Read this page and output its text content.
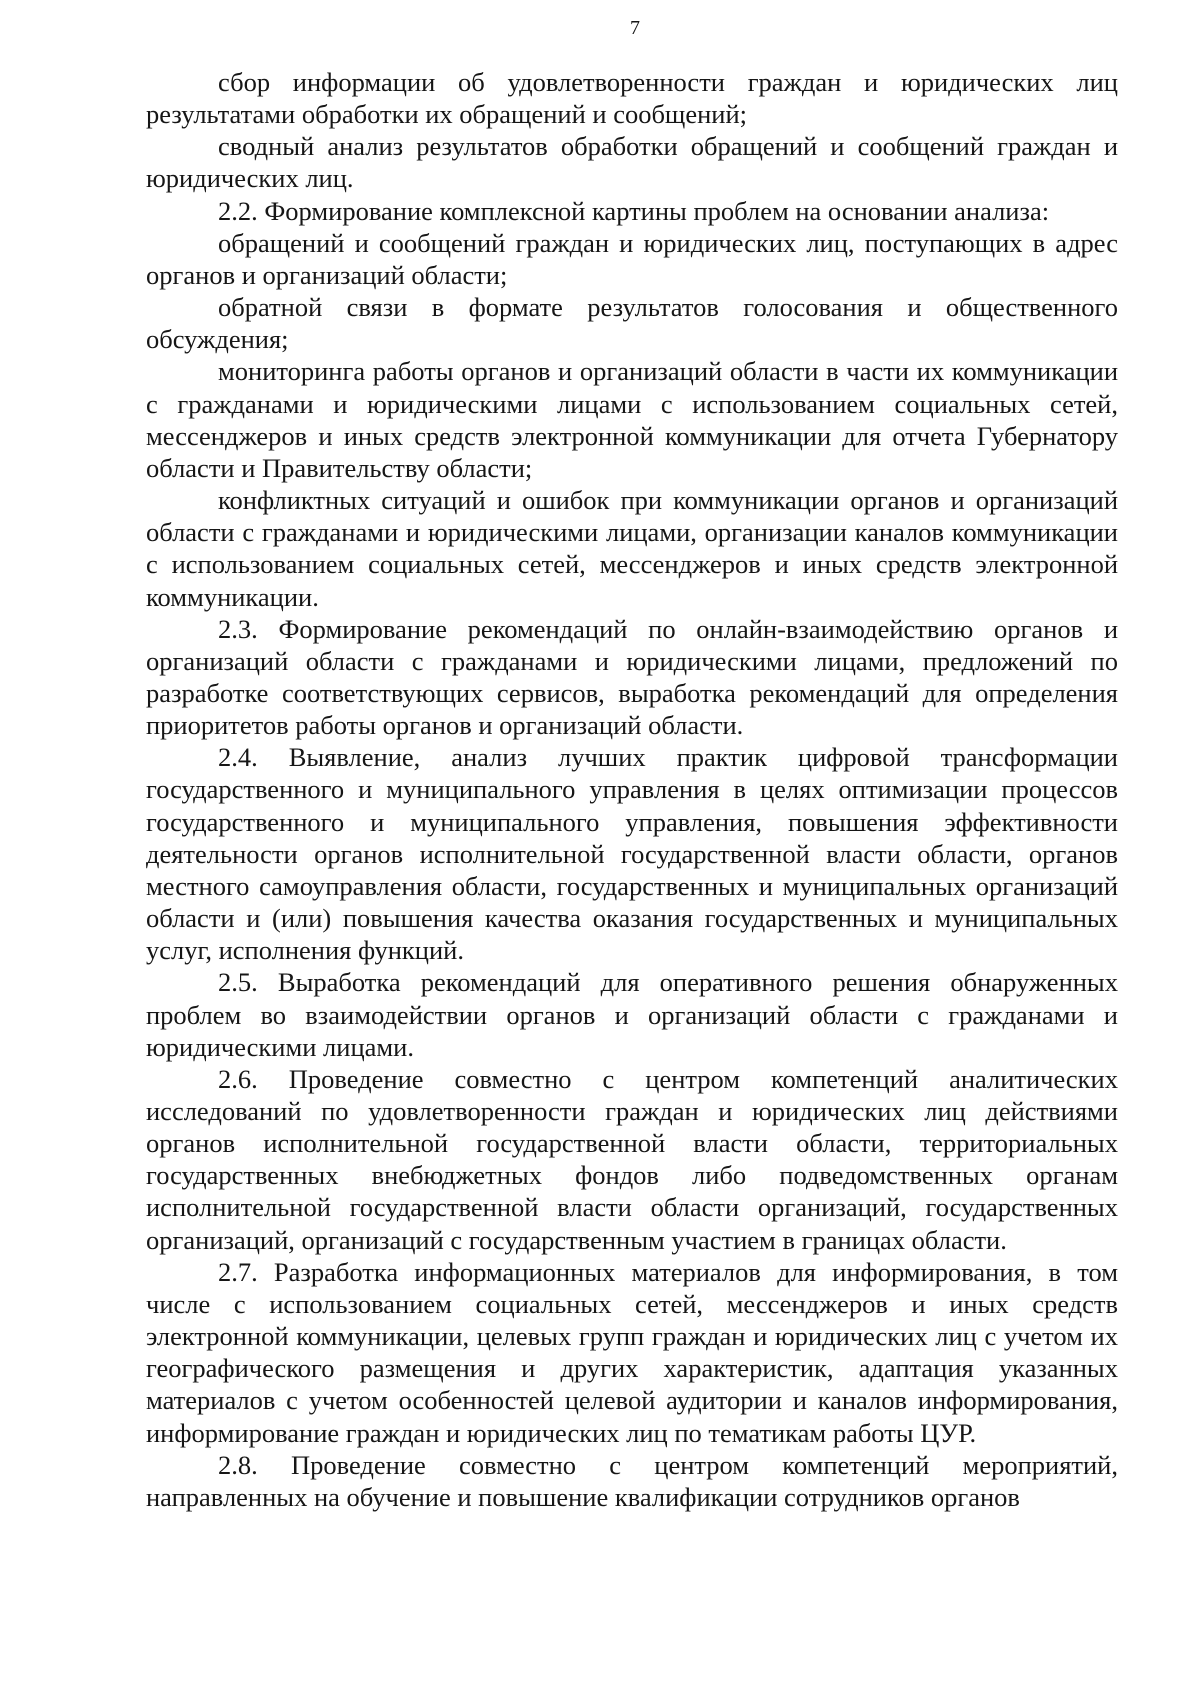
7

сбор информации об удовлетворенности граждан и юридических лиц результатами обработки их обращений и сообщений;

сводный анализ результатов обработки обращений и сообщений граждан и юридических лиц.

2.2. Формирование комплексной картины проблем на основании анализа:

обращений и сообщений граждан и юридических лиц, поступающих в адрес органов и организаций области;

обратной связи в формате результатов голосования и общественного обсуждения;

мониторинга работы органов и организаций области в части их коммуникации с гражданами и юридическими лицами с использованием социальных сетей, мессенджеров и иных средств электронной коммуникации для отчета Губернатору области и Правительству области;

конфликтных ситуаций и ошибок при коммуникации органов и организаций области с гражданами и юридическими лицами, организации каналов коммуникации с использованием социальных сетей, мессенджеров и иных средств электронной коммуникации.

2.3. Формирование рекомендаций по онлайн-взаимодействию органов и организаций области с гражданами и юридическими лицами, предложений по разработке соответствующих сервисов, выработка рекомендаций для определения приоритетов работы органов и организаций области.

2.4. Выявление, анализ лучших практик цифровой трансформации государственного и муниципального управления в целях оптимизации процессов государственного и муниципального управления, повышения эффективности деятельности органов исполнительной государственной власти области, органов местного самоуправления области, государственных и муниципальных организаций области и (или) повышения качества оказания государственных и муниципальных услуг, исполнения функций.

2.5. Выработка рекомендаций для оперативного решения обнаруженных проблем во взаимодействии органов и организаций области с гражданами и юридическими лицами.

2.6. Проведение совместно с центром компетенций аналитических исследований по удовлетворенности граждан и юридических лиц действиями органов исполнительной государственной власти области, территориальных государственных внебюджетных фондов либо подведомственных органам исполнительной государственной власти области организаций, государственных организаций, организаций с государственным участием в границах области.

2.7. Разработка информационных материалов для информирования, в том числе с использованием социальных сетей, мессенджеров и иных средств электронной коммуникации, целевых групп граждан и юридических лиц с учетом их географического размещения и других характеристик, адаптация указанных материалов с учетом особенностей целевой аудитории и каналов информирования, информирование граждан и юридических лиц по тематикам работы ЦУР.

2.8. Проведение совместно с центром компетенций мероприятий, направленных на обучение и повышение квалификации сотрудников органов
